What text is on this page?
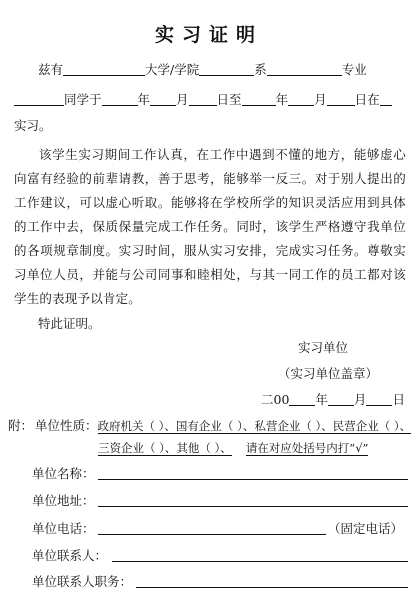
实习证明
兹有	大学/学院	系	专业
同学于	年 月 日至	年 月 日在
实习。
该学生实习期间工作认真，在工作中遇到不懂的地方，能够虚心向富有经验的前辈请教，善于思考，能够举一反三。对于别人提出的工作建议，可以虚心听取。能够将在学校所学的知识灵活应用到具体的工作中去，保质保量完成工作任务。同时，该学生严格遵守我单位的各项规章制度。实习时间，服从实习安排，完成实习任务。尊敬实习单位人员，并能与公司同事和睦相处，与其一同工作的员工都对该学生的表现予以肯定。
特此证明。
实习单位
（实习单位盖章）
二00 年 月 日
附： 单位性质：政府机关（ ）、国有企业（ ）、私营企业（ ）、民营企业（ ）、
三资企业（ ）、其他（ ）、 请在对应处括号内打“√”
单位名称：
单位地址：
单位电话：	（固定电话）
单位联系人：
单位联系人职务：
